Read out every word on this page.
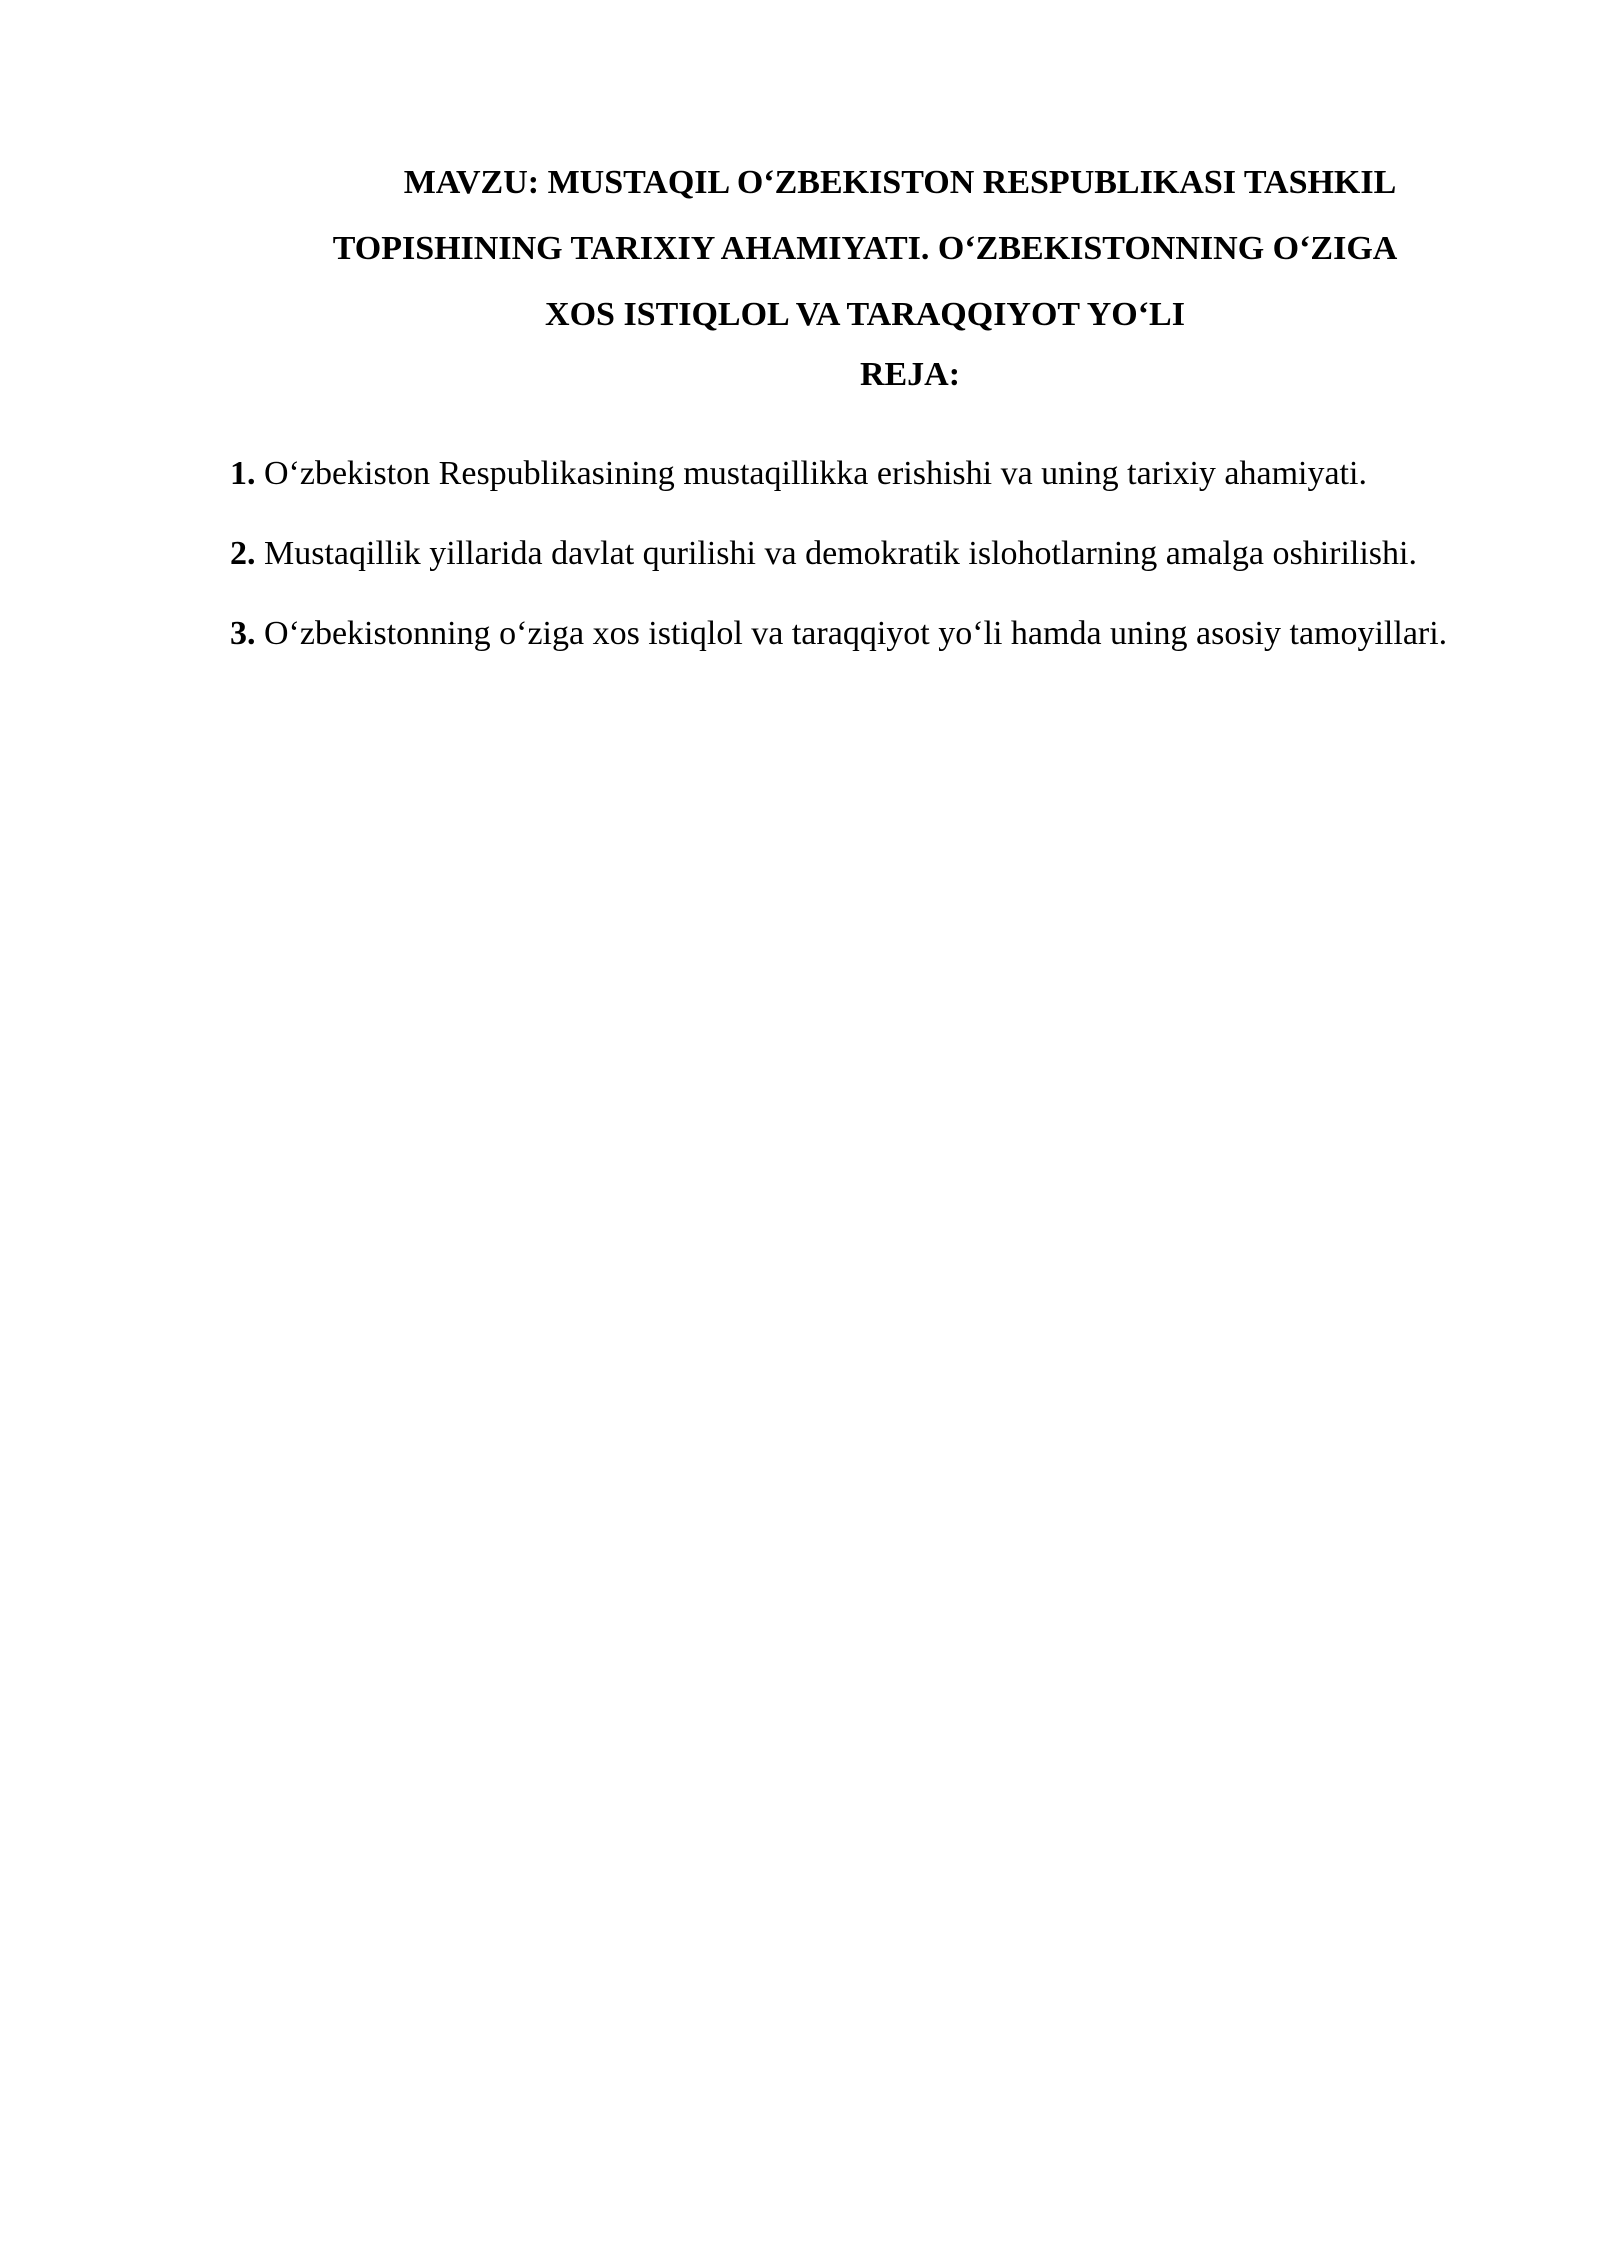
MAVZU: MUSTAQIL O‘ZBEKISTON RESPUBLIKASI TASHKIL
TOPISHINING TARIXIY AHAMIYATI. O‘ZBEKISTONNING O‘ZIGA
XOS ISTIQLOL VA TARAQQIYOT YO‘LI
REJA:
1. O‘zbekiston Respublikasining mustaqillikka erishishi va uning tarixiy ahamiyati.
2. Mustaqillik yillarida davlat qurilishi va demokratik islohotlarning amalga oshirilishi.
3. O‘zbekistonning o‘ziga xos istiqlol va taraqqiyot yo‘li hamda uning asosiy tamoyillari.
